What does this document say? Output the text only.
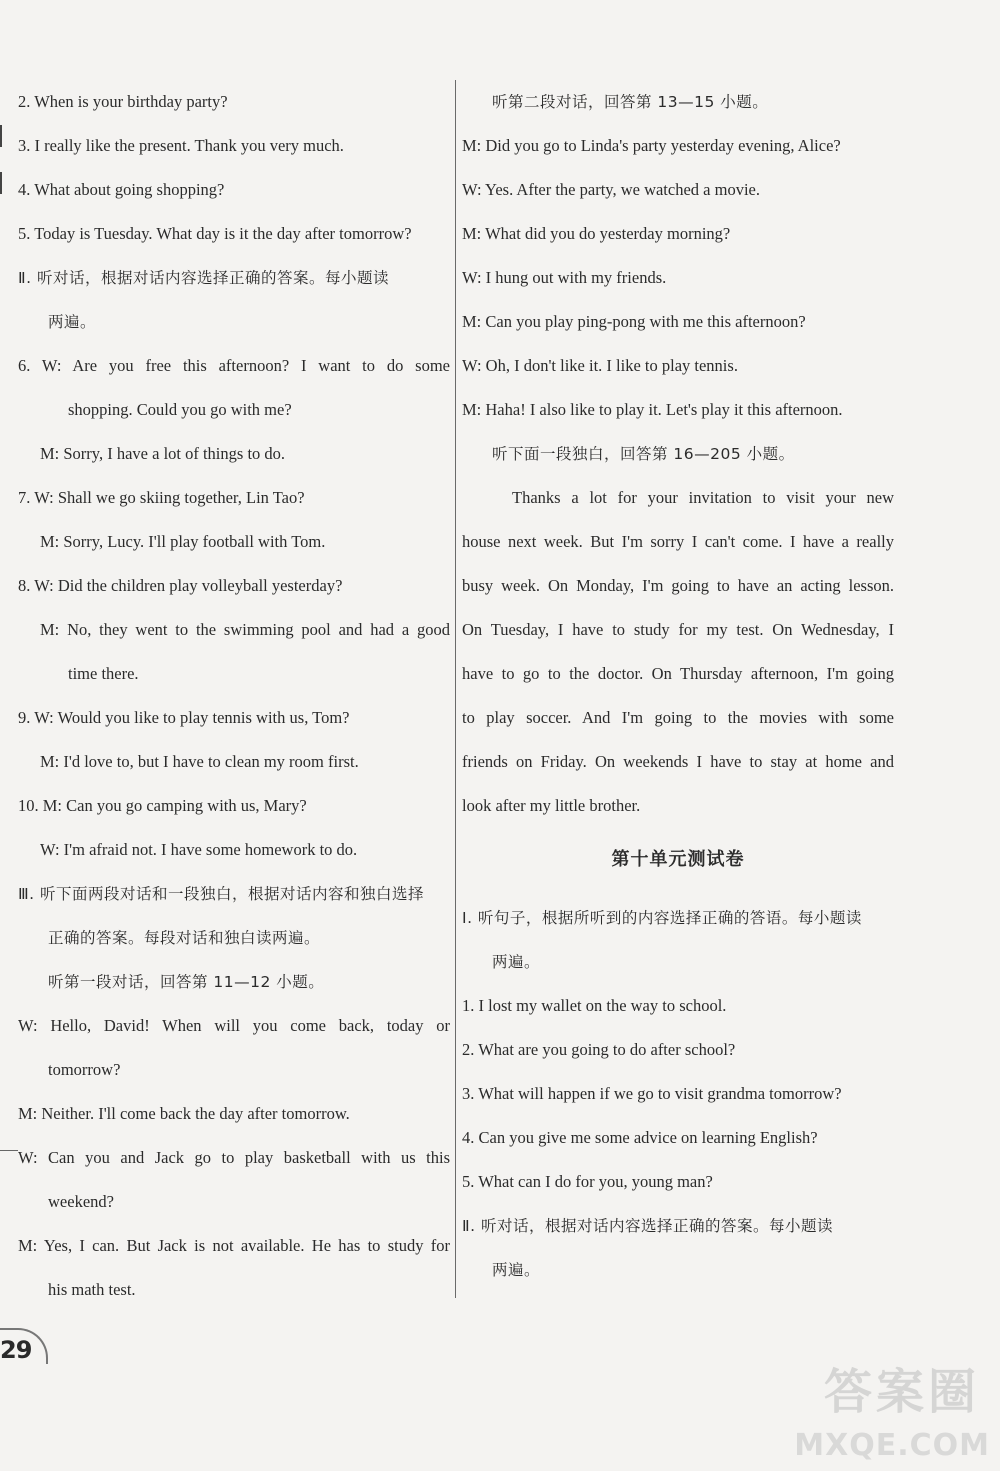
2. When is your birthday party?
3. I really like the present. Thank you very much.
4. What about going shopping?
5. Today is Tuesday. What day is it the day after tomorrow?
Ⅱ. 听对话，根据对话内容选择正确的答案。每小题读
两遍。
6. W: Are you free this afternoon? I want to do some
shopping. Could you go with me?
M: Sorry, I have a lot of things to do.
7. W: Shall we go skiing together, Lin Tao?
M: Sorry, Lucy. I'll play football with Tom.
8. W: Did the children play volleyball yesterday?
M: No, they went to the swimming pool and had a good
time there.
9. W: Would you like to play tennis with us, Tom?
M: I'd love to, but I have to clean my room first.
10. M: Can you go camping with us, Mary?
W: I'm afraid not. I have some homework to do.
Ⅲ. 听下面两段对话和一段独白，根据对话内容和独白选择
正确的答案。每段对话和独白读两遍。
听第一段对话，回答第 11—12 小题。
W: Hello, David! When will you come back, today or
tomorrow?
M: Neither. I'll come back the day after tomorrow.
W: Can you and Jack go to play basketball with us this
weekend?
M: Yes, I can. But Jack is not available. He has to study for
his math test.
听第二段对话，回答第 13—15 小题。
M: Did you go to Linda's party yesterday evening, Alice?
W: Yes. After the party, we watched a movie.
M: What did you do yesterday morning?
W: I hung out with my friends.
M: Can you play ping-pong with me this afternoon?
W: Oh, I don't like it. I like to play tennis.
M: Haha! I also like to play it. Let's play it this afternoon.
听下面一段独白，回答第 16—205 小题。
Thanks a lot for your invitation to visit your new
house next week. But I'm sorry I can't come. I have a really
busy week. On Monday, I'm going to have an acting lesson.
On Tuesday, I have to study for my test. On Wednesday, I
have to go to the doctor. On Thursday afternoon, I'm going
to play soccer. And I'm going to the movies with some
friends on Friday. On weekends I have to stay at home and
look after my little brother.
第十单元测试卷
Ⅰ. 听句子，根据所听到的内容选择正确的答语。每小题读
两遍。
1. I lost my wallet on the way to school.
2. What are you going to do after school?
3. What will happen if we go to visit grandma tomorrow?
4. Can you give me some advice on learning English?
5. What can I do for you, young man?
Ⅱ. 听对话，根据对话内容选择正确的答案。每小题读
两遍。
29
答案圈
MXQE.COM
